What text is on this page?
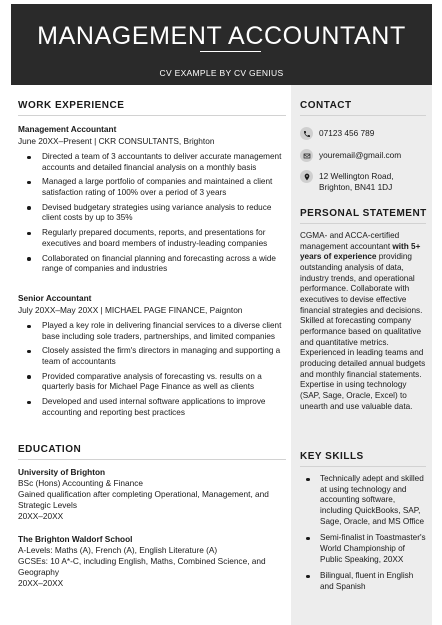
MANAGEMENT ACCOUNTANT
CV EXAMPLE BY CV GENIUS
WORK EXPERIENCE
Management Accountant
June 20XX–Present | CKR CONSULTANTS, Brighton
Directed a team of 3 accountants to deliver accurate management accounts and detailed financial analysis on a monthly basis
Managed a large portfolio of companies and maintained a client satisfaction rating of 100% over a period of 3 years
Devised budgetary strategies using variance analysis to reduce client costs by up to 35%
Regularly prepared documents, reports, and presentations for executives and board members of industry-leading companies
Collaborated on financial planning and forecasting across a wide range of companies and industries
Senior Accountant
July 20XX–May 20XX | MICHAEL PAGE FINANCE, Paignton
Played a key role in delivering financial services to a diverse client base including sole traders, partnerships, and limited companies
Closely assisted the firm's directors in managing and supporting a team of accountants
Provided comparative analysis of forecasting vs. results on a quarterly basis for Michael Page Finance as well as clients
Developed and used internal software applications to improve accounting and reporting best practices
EDUCATION
University of Brighton
BSc (Hons) Accounting & Finance
Gained qualification after completing Operational, Management, and Strategic Levels
20XX–20XX
The Brighton Waldorf School
A-Levels: Maths (A), French (A), English Literature (A)
GCSEs: 10 A*-C, including English, Maths, Combined Science, and Geography
20XX–20XX
CONTACT
07123 456 789
youremail@gmail.com
12 Wellington Road,
Brighton, BN41 1DJ
PERSONAL STATEMENT
CGMA- and ACCA-certified management accountant with 5+ years of experience providing outstanding analysis of data, industry trends, and operational performance. Collaborate with executives to devise effective financial strategies and decisions. Skilled at forecasting company performance based on qualitative and quantitative metrics. Experienced in leading teams and producing detailed annual budgets and monthly financial statements. Expertise in using technology (SAP, Sage, Oracle, Excel) to unearth and use valuable data.
KEY SKILLS
Technically adept and skilled at using technology and accounting software, including QuickBooks, SAP, Sage, Oracle, and MS Office
Semi-finalist in Toastmaster's World Championship of Public Speaking, 20XX
Bilingual, fluent in English and Spanish
